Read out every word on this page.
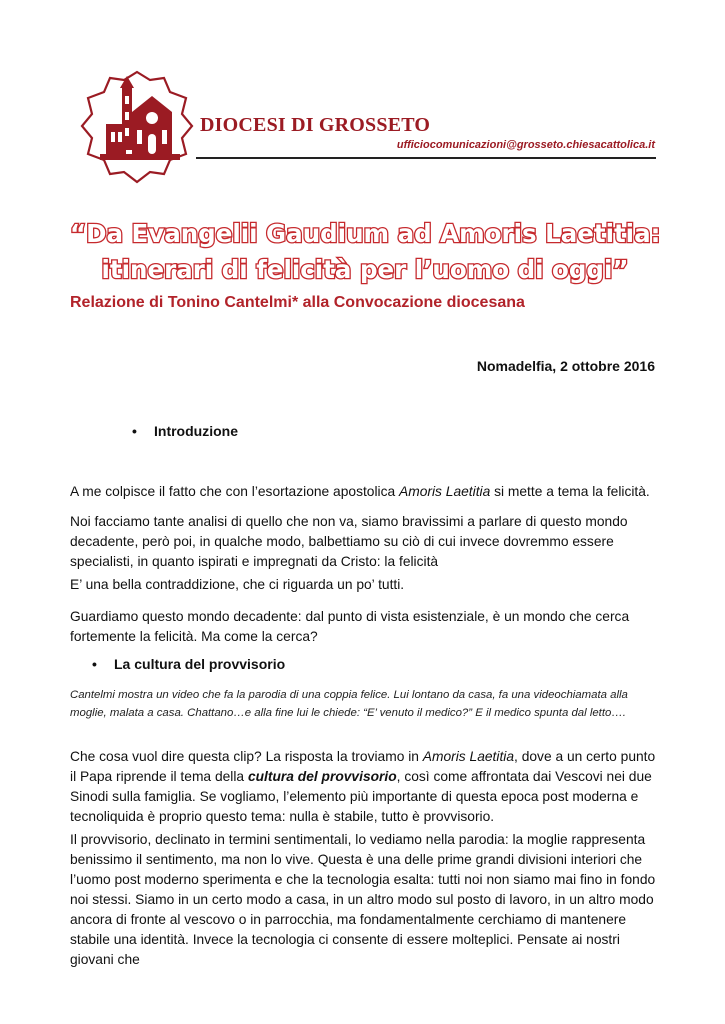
DIOCESI DI GROSSETO
ufficiocomunicazioni@grosseto.chiesacattolica.it
“Da Evangelii Gaudium ad Amoris Laetitia:
itinerari di felicità per l’uomo di oggi”
Relazione di Tonino Cantelmi* alla Convocazione diocesana
Nomadelfia, 2 ottobre 2016
• Introduzione

A me colpisce il fatto che con l’esortazione apostolica Amoris Laetitia si mette a tema la felicità.

Noi facciamo tante analisi di quello che non va, siamo bravissimi a parlare di questo mondo decadente, però poi, in qualche modo, balbettiamo su ciò di cui invece dovremmo essere specialisti, in quanto ispirati e impregnati da Cristo: la felicità
E’ una bella contraddizione, che ci riguarda un po’ tutti.
Guardiamo questo mondo decadente: dal punto di vista esistenziale, è un mondo che cerca fortemente la felicità. Ma come la cerca?
• La cultura del provvisorio
Cantelmi mostra un video che fa la parodia di una coppia felice. Lui lontano da casa, fa una videochiamata alla moglie, malata a casa. Chattano…e alla fine lui le chiede: “E’ venuto il medico?” E il medico spunta dal letto….

Che cosa vuol dire questa clip? La risposta la troviamo in Amoris Laetitia, dove a un certo punto il Papa riprende il tema della cultura del provvisorio, così come affrontata dai Vescovi nei due Sinodi sulla famiglia. Se vogliamo, l’elemento più importante di questa epoca post moderna e tecnoliquida è proprio questo tema: nulla è stabile, tutto è provvisorio.

Il provvisorio, declinato in termini sentimentali, lo vediamo nella parodia: la moglie rappresenta benissimo il sentimento, ma non lo vive. Questa è una delle prime grandi divisioni interiori che l’uomo post moderno sperimenta e che la tecnologia esalta: tutti noi non siamo mai fino in fondo noi stessi. Siamo in un certo modo a casa, in un altro modo sul posto di lavoro, in un altro modo ancora di fronte al vescovo o in parrocchia, ma fondamentalmente cerchiamo di mantenere stabile una identità. Invece la tecnologia ci consente di essere molteplici. Pensate ai nostri giovani che
